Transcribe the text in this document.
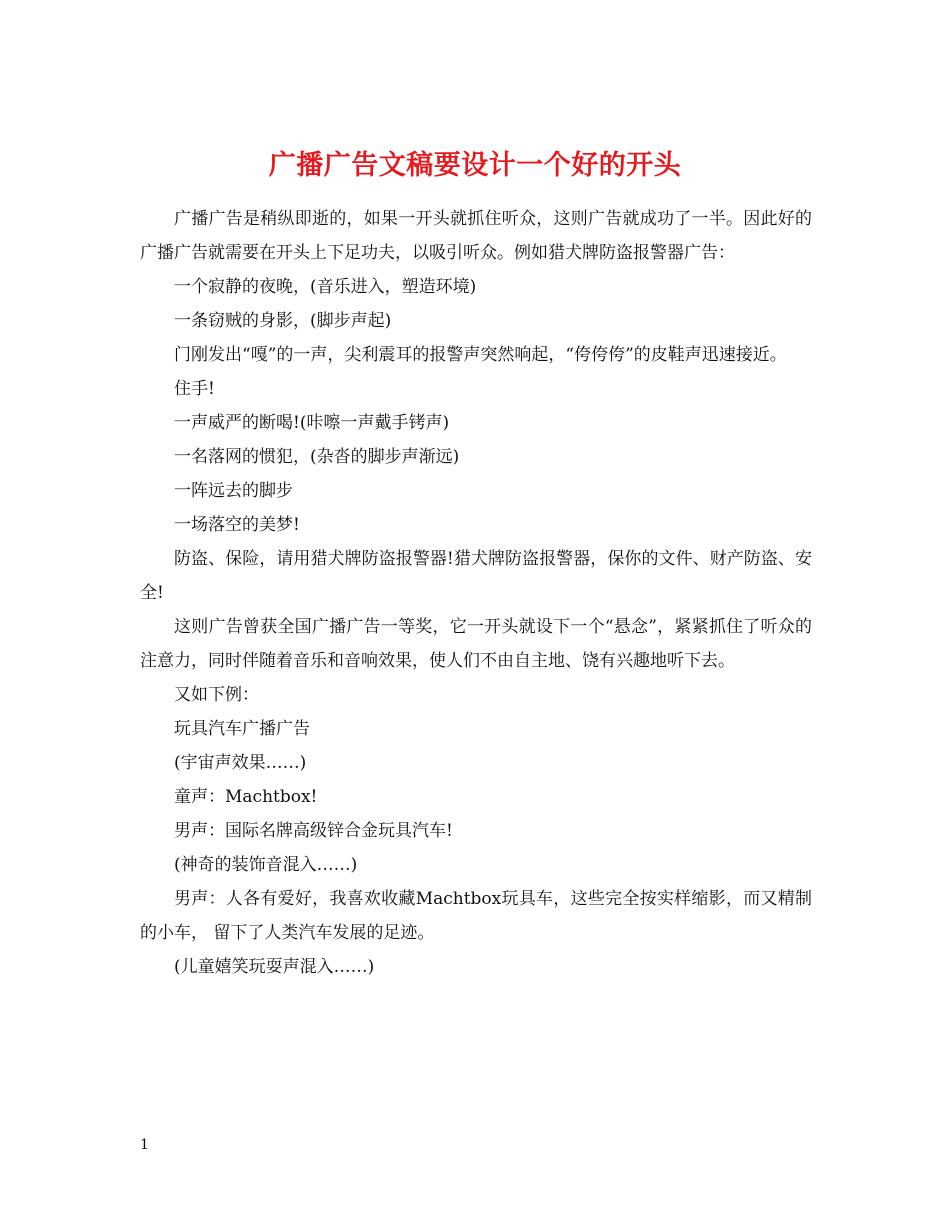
广播广告文稿要设计一个好的开头

广播广告是稍纵即逝的，如果一开头就抓住听众，这则广告就成功了一半。因此好的广播广告就需要在开头上下足功夫，以吸引听众。例如猎犬牌防盗报警器广告：

一个寂静的夜晚，(音乐进入，塑造环境)

一条窃贼的身影，(脚步声起)

门刚发出“嘎”的一声，尖利震耳的报警声突然响起，“侉侉侉”的皮鞋声迅速接近。

住手!

一声威严的断喝!(咔嚓一声戴手铐声)

一名落网的惯犯，(杂沓的脚步声渐远)

一阵远去的脚步

一场落空的美梦!

防盗、保险，请用猎犬牌防盗报警器!猎犬牌防盗报警器，保你的文件、财产防盗、安全!

这则广告曾获全国广播广告一等奖，它一开头就设下一个“悬念”，紧紧抓住了听众的注意力，同时伴随着音乐和音响效果，使人们不由自主地、饶有兴趣地听下去。

又如下例：

玩具汽车广播广告

(宇宙声效果……)

童声：Machtbox!

男声：国际名牌高级锌合金玩具汽车!

(神奇的装饰音混入……)

男声：人各有爱好，我喜欢收藏Machtbox玩具车，这些完全按实样缩影，而又精制的小车， 留下了人类汽车发展的足迹。

(儿童嬉笑玩耍声混入……)

1
